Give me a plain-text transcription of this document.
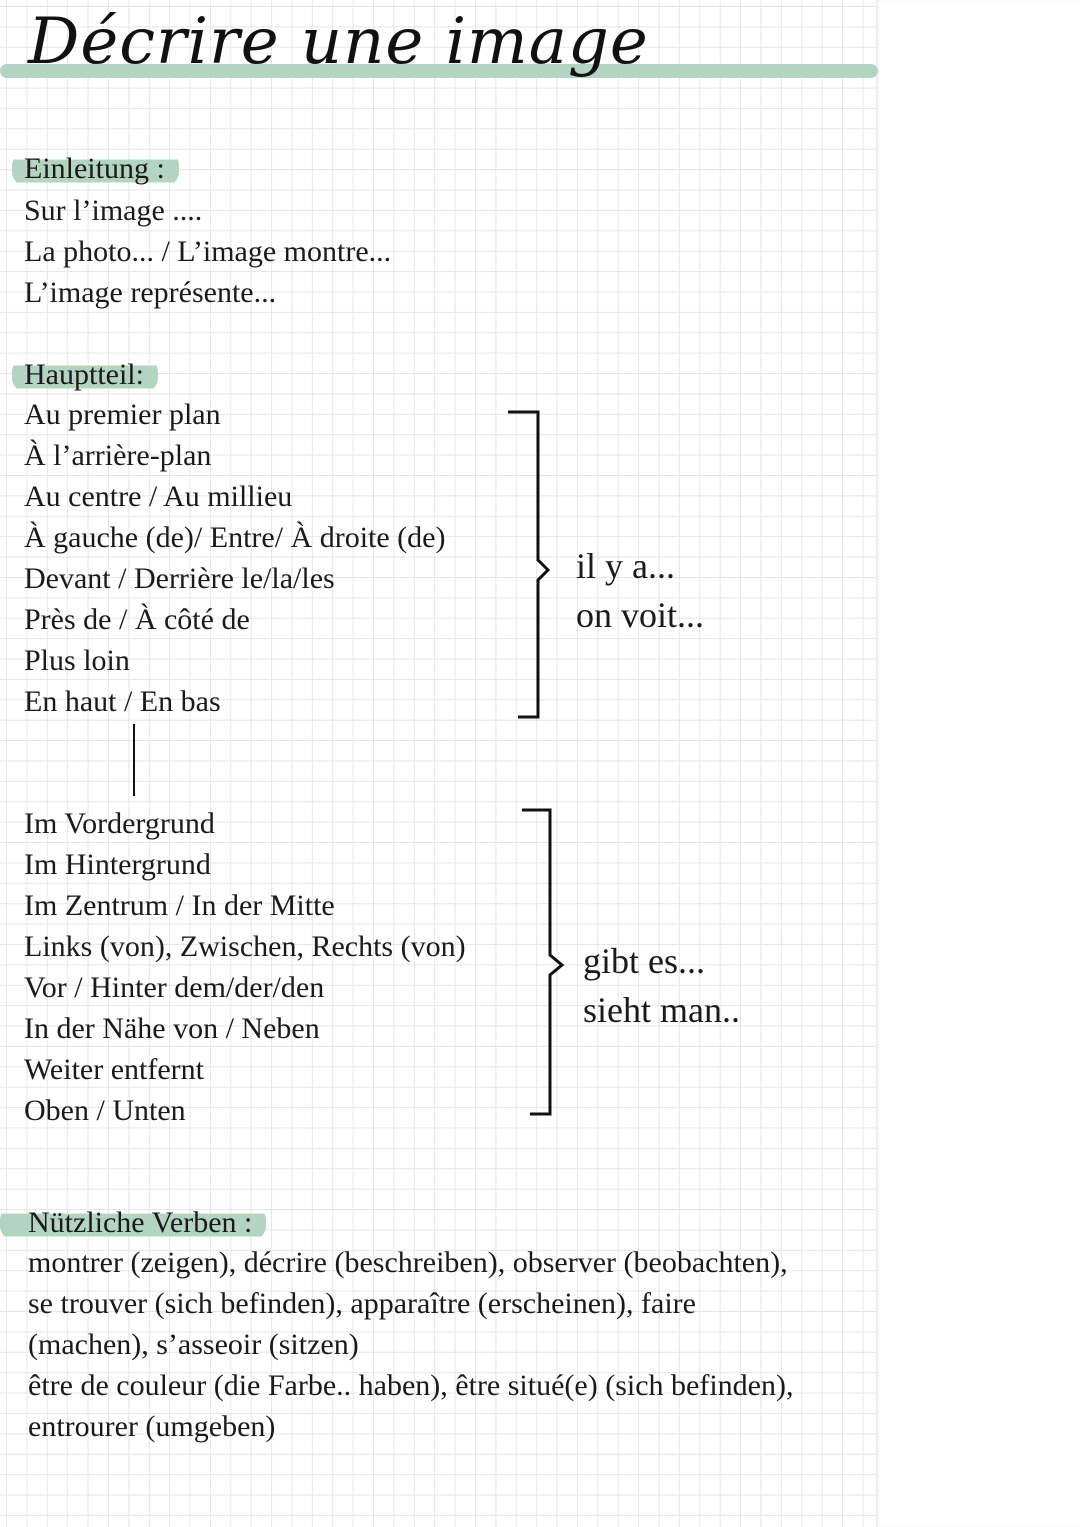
Décrire une image
Einleitung :
Sur l’image ....
La photo... / L’image montre...
L’image représente...
Hauptteil:
Au premier plan
À l’arrière-plan
Au centre / Au millieu
À gauche (de)/ Entre/ À droite (de)
Devant / Derrière le/la/les
Près de / À côté de
Plus loin
En haut / En bas
il y a...
on voit...
Im Vordergrund
Im Hintergrund
Im Zentrum / In der Mitte
Links (von), Zwischen, Rechts (von)
Vor / Hinter dem/der/den
In der Nähe von / Neben
Weiter entfernt
Oben / Unten
gibt es...
sieht man..
Nützliche Verben :
montrer (zeigen), décrire (beschreiben), observer (beobachten),
se trouver (sich befinden), apparaître (erscheinen), faire
(machen), s’asseoir (sitzen)
être de couleur (die Farbe.. haben), être situé(e) (sich befinden),
entrourer (umgeben)
